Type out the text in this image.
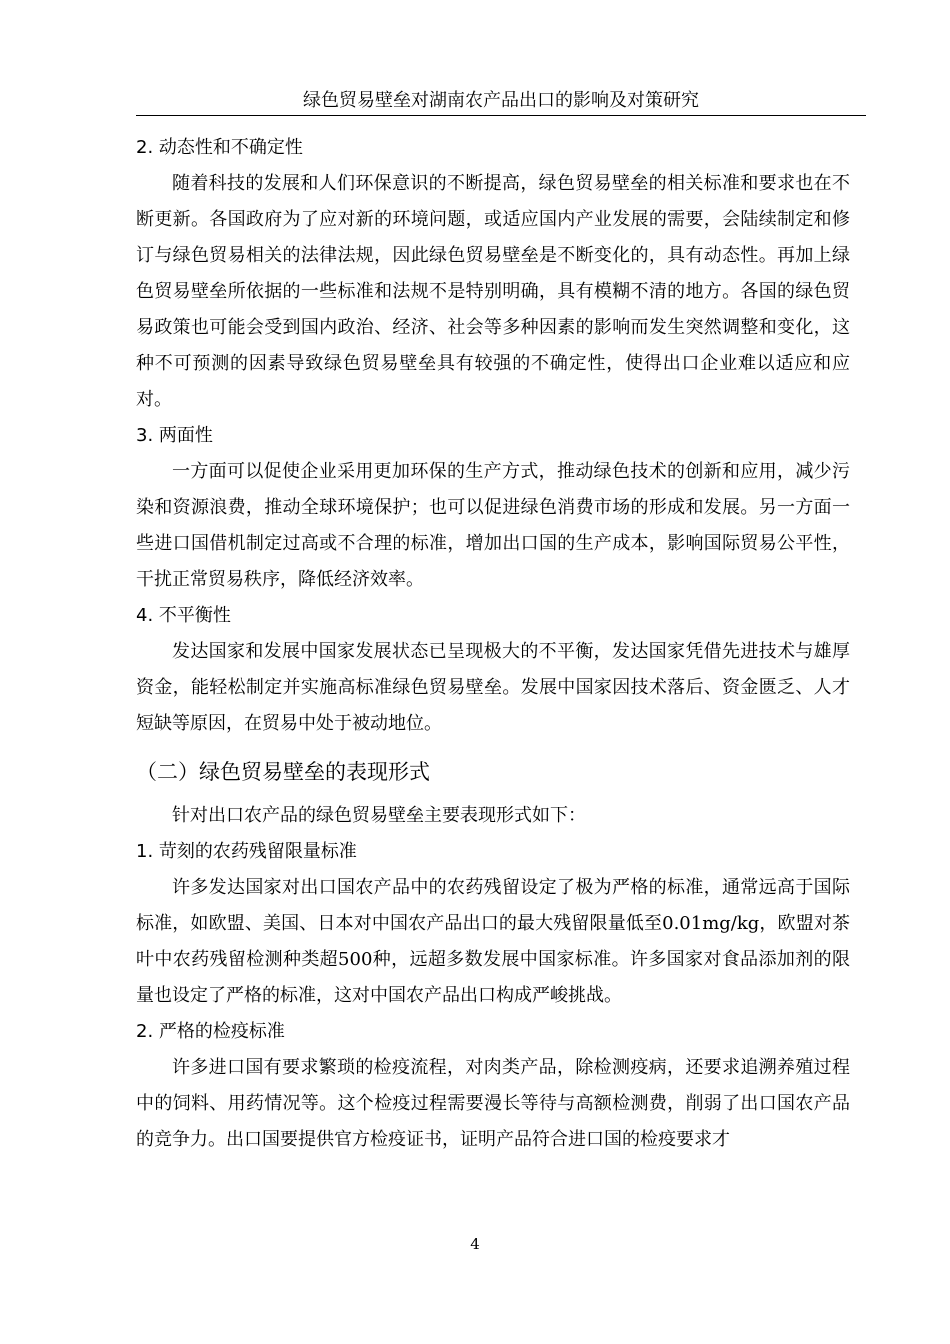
绿色贸易壁垒对湖南农产品出口的影响及对策研究
2. 动态性和不确定性

随着科技的发展和人们环保意识的不断提高，绿色贸易壁垒的相关标准和要求也在不断更新。各国政府为了应对新的环境问题，或适应国内产业发展的需要，会陆续制定和修订与绿色贸易相关的法律法规，因此绿色贸易壁垒是不断变化的，具有动态性。再加上绿色贸易壁垒所依据的一些标准和法规不是特别明确，具有模糊不清的地方。各国的绿色贸易政策也可能会受到国内政治、经济、社会等多种因素的影响而发生突然调整和变化，这种不可预测的因素导致绿色贸易壁垒具有较强的不确定性，使得出口企业难以适应和应对。

3. 两面性

一方面可以促使企业采用更加环保的生产方式，推动绿色技术的创新和应用，减少污染和资源浪费，推动全球环境保护；也可以促进绿色消费市场的形成和发展。另一方面一些进口国借机制定过高或不合理的标准，增加出口国的生产成本，影响国际贸易公平性，干扰正常贸易秩序，降低经济效率。

4. 不平衡性

发达国家和发展中国家发展状态已呈现极大的不平衡，发达国家凭借先进技术与雄厚资金，能轻松制定并实施高标准绿色贸易壁垒。发展中国家因技术落后、资金匮乏、人才短缺等原因，在贸易中处于被动地位。

（二）绿色贸易壁垒的表现形式

针对出口农产品的绿色贸易壁垒主要表现形式如下：

1. 苛刻的农药残留限量标准

许多发达国家对出口国农产品中的农药残留设定了极为严格的标准，通常远高于国际标准，如欧盟、美国、日本对中国农产品出口的最大残留限量低至0.01mg/kg，欧盟对茶叶中农药残留检测种类超500种，远超多数发展中国家标准。许多国家对食品添加剂的限量也设定了严格的标准，这对中国农产品出口构成严峻挑战。

2. 严格的检疫标准

许多进口国有要求繁琐的检疫流程，对肉类产品，除检测疫病，还要求追溯养殖过程中的饲料、用药情况等。这个检疫过程需要漫长等待与高额检测费，削弱了出口国农产品的竞争力。出口国要提供官方检疫证书，证明产品符合进口国的检疫要求才

4
